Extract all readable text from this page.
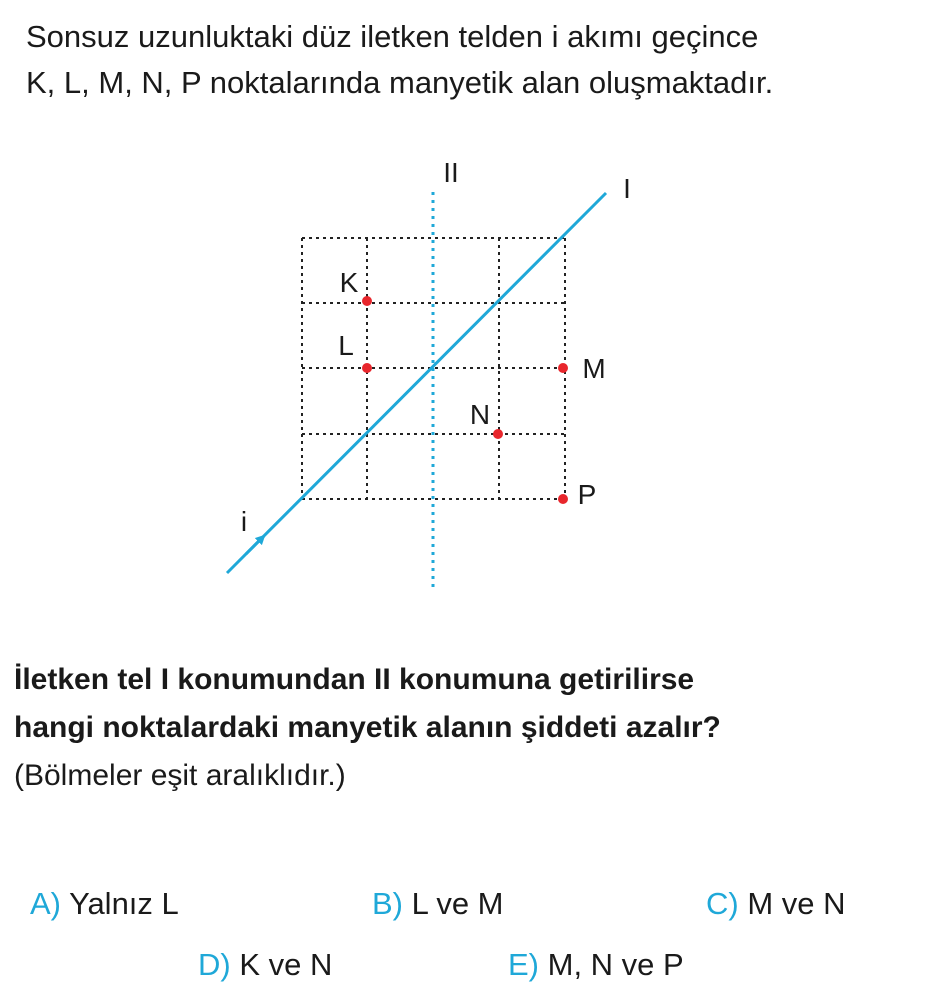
Sonsuz uzunluktaki düz iletken telden i akımı geçince
K, L, M, N, P noktalarında manyetik alan oluşmaktadır.
II
I
i
K
L
M
N
P
İletken tel I konumundan II konumuna getirilirse
hangi noktalardaki manyetik alanın şiddeti azalır?
(Bölmeler eşit aralıklıdır.)
A) Yalnız L	B) L ve M	C) M ve N
D) K ve N	E) M, N ve P
